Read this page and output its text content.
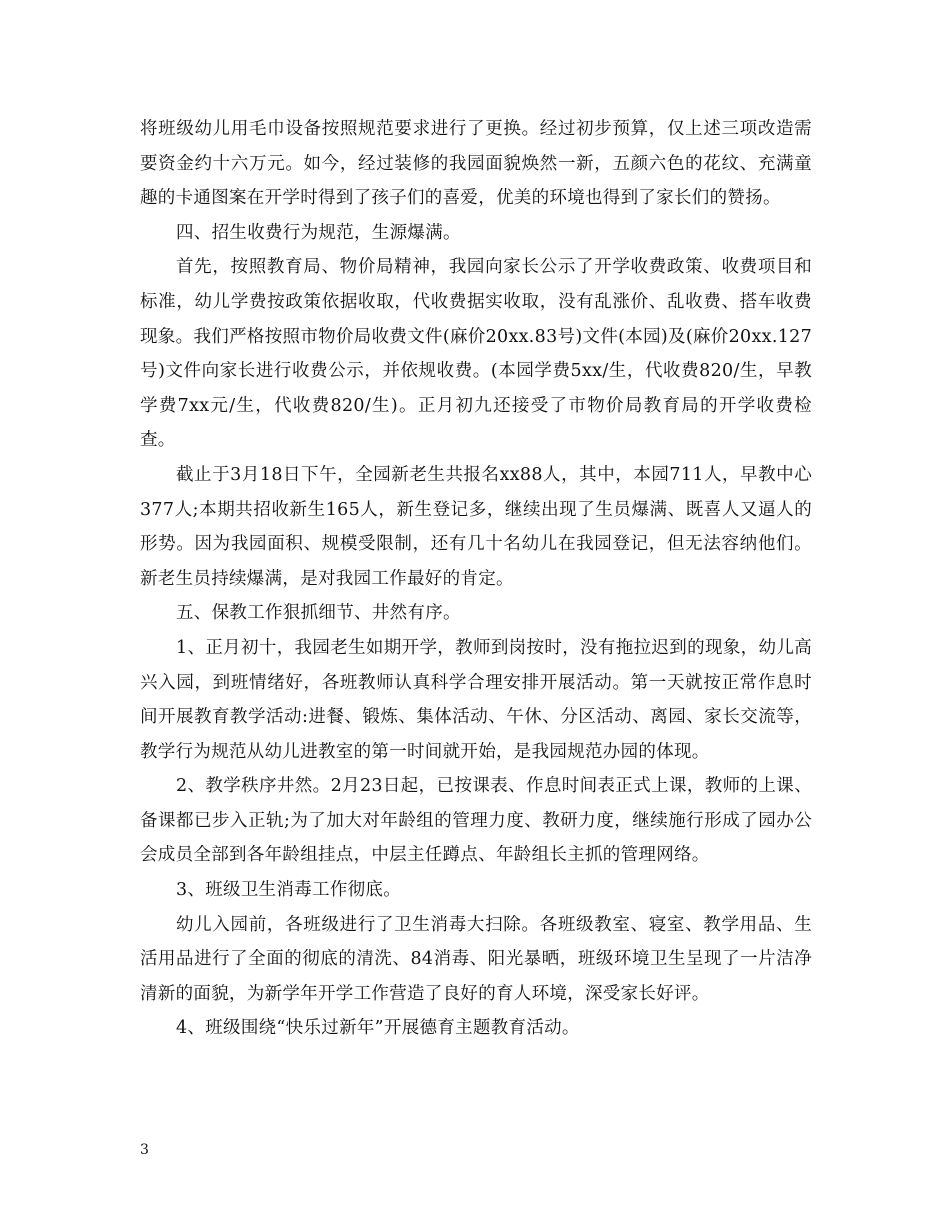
将班级幼儿用毛巾设备按照规范要求进行了更换。经过初步预算，仅上述三项改造需要资金约十六万元。如今，经过装修的我园面貌焕然一新，五颜六色的花纹、充满童趣的卡通图案在开学时得到了孩子们的喜爱，优美的环境也得到了家长们的赞扬。

四、招生收费行为规范，生源爆满。

首先，按照教育局、物价局精神，我园向家长公示了开学收费政策、收费项目和标准，幼儿学费按政策依据收取，代收费据实收取，没有乱涨价、乱收费、搭车收费现象。我们严格按照市物价局收费文件(麻价20xx.83号)文件(本园)及(麻价20xx.127号)文件向家长进行收费公示，并依规收费。(本园学费5xx/生，代收费820/生，早教学费7xx元/生，代收费820/生)。正月初九还接受了市物价局教育局的开学收费检查。

截止于3月18日下午，全园新老生共报名xx88人，其中，本园711人，早教中心377人;本期共招收新生165人，新生登记多，继续出现了生员爆满、既喜人又逼人的形势。因为我园面积、规模受限制，还有几十名幼儿在我园登记，但无法容纳他们。新老生员持续爆满，是对我园工作最好的肯定。

五、保教工作狠抓细节、井然有序。

1、正月初十，我园老生如期开学，教师到岗按时，没有拖拉迟到的现象，幼儿高兴入园，到班情绪好，各班教师认真科学合理安排开展活动。第一天就按正常作息时间开展教育教学活动:进餐、锻炼、集体活动、午休、分区活动、离园、家长交流等，教学行为规范从幼儿进教室的第一时间就开始，是我园规范办园的体现。

2、教学秩序井然。2月23日起，已按课表、作息时间表正式上课，教师的上课、备课都已步入正轨;为了加大对年龄组的管理力度、教研力度，继续施行形成了园办公会成员全部到各年龄组挂点，中层主任蹲点、年龄组长主抓的管理网络。

3、班级卫生消毒工作彻底。

幼儿入园前，各班级进行了卫生消毒大扫除。各班级教室、寝室、教学用品、生活用品进行了全面的彻底的清洗、84消毒、阳光暴晒，班级环境卫生呈现了一片洁净清新的面貌，为新学年开学工作营造了良好的育人环境，深受家长好评。

4、班级围绕“快乐过新年”开展德育主题教育活动。

3
